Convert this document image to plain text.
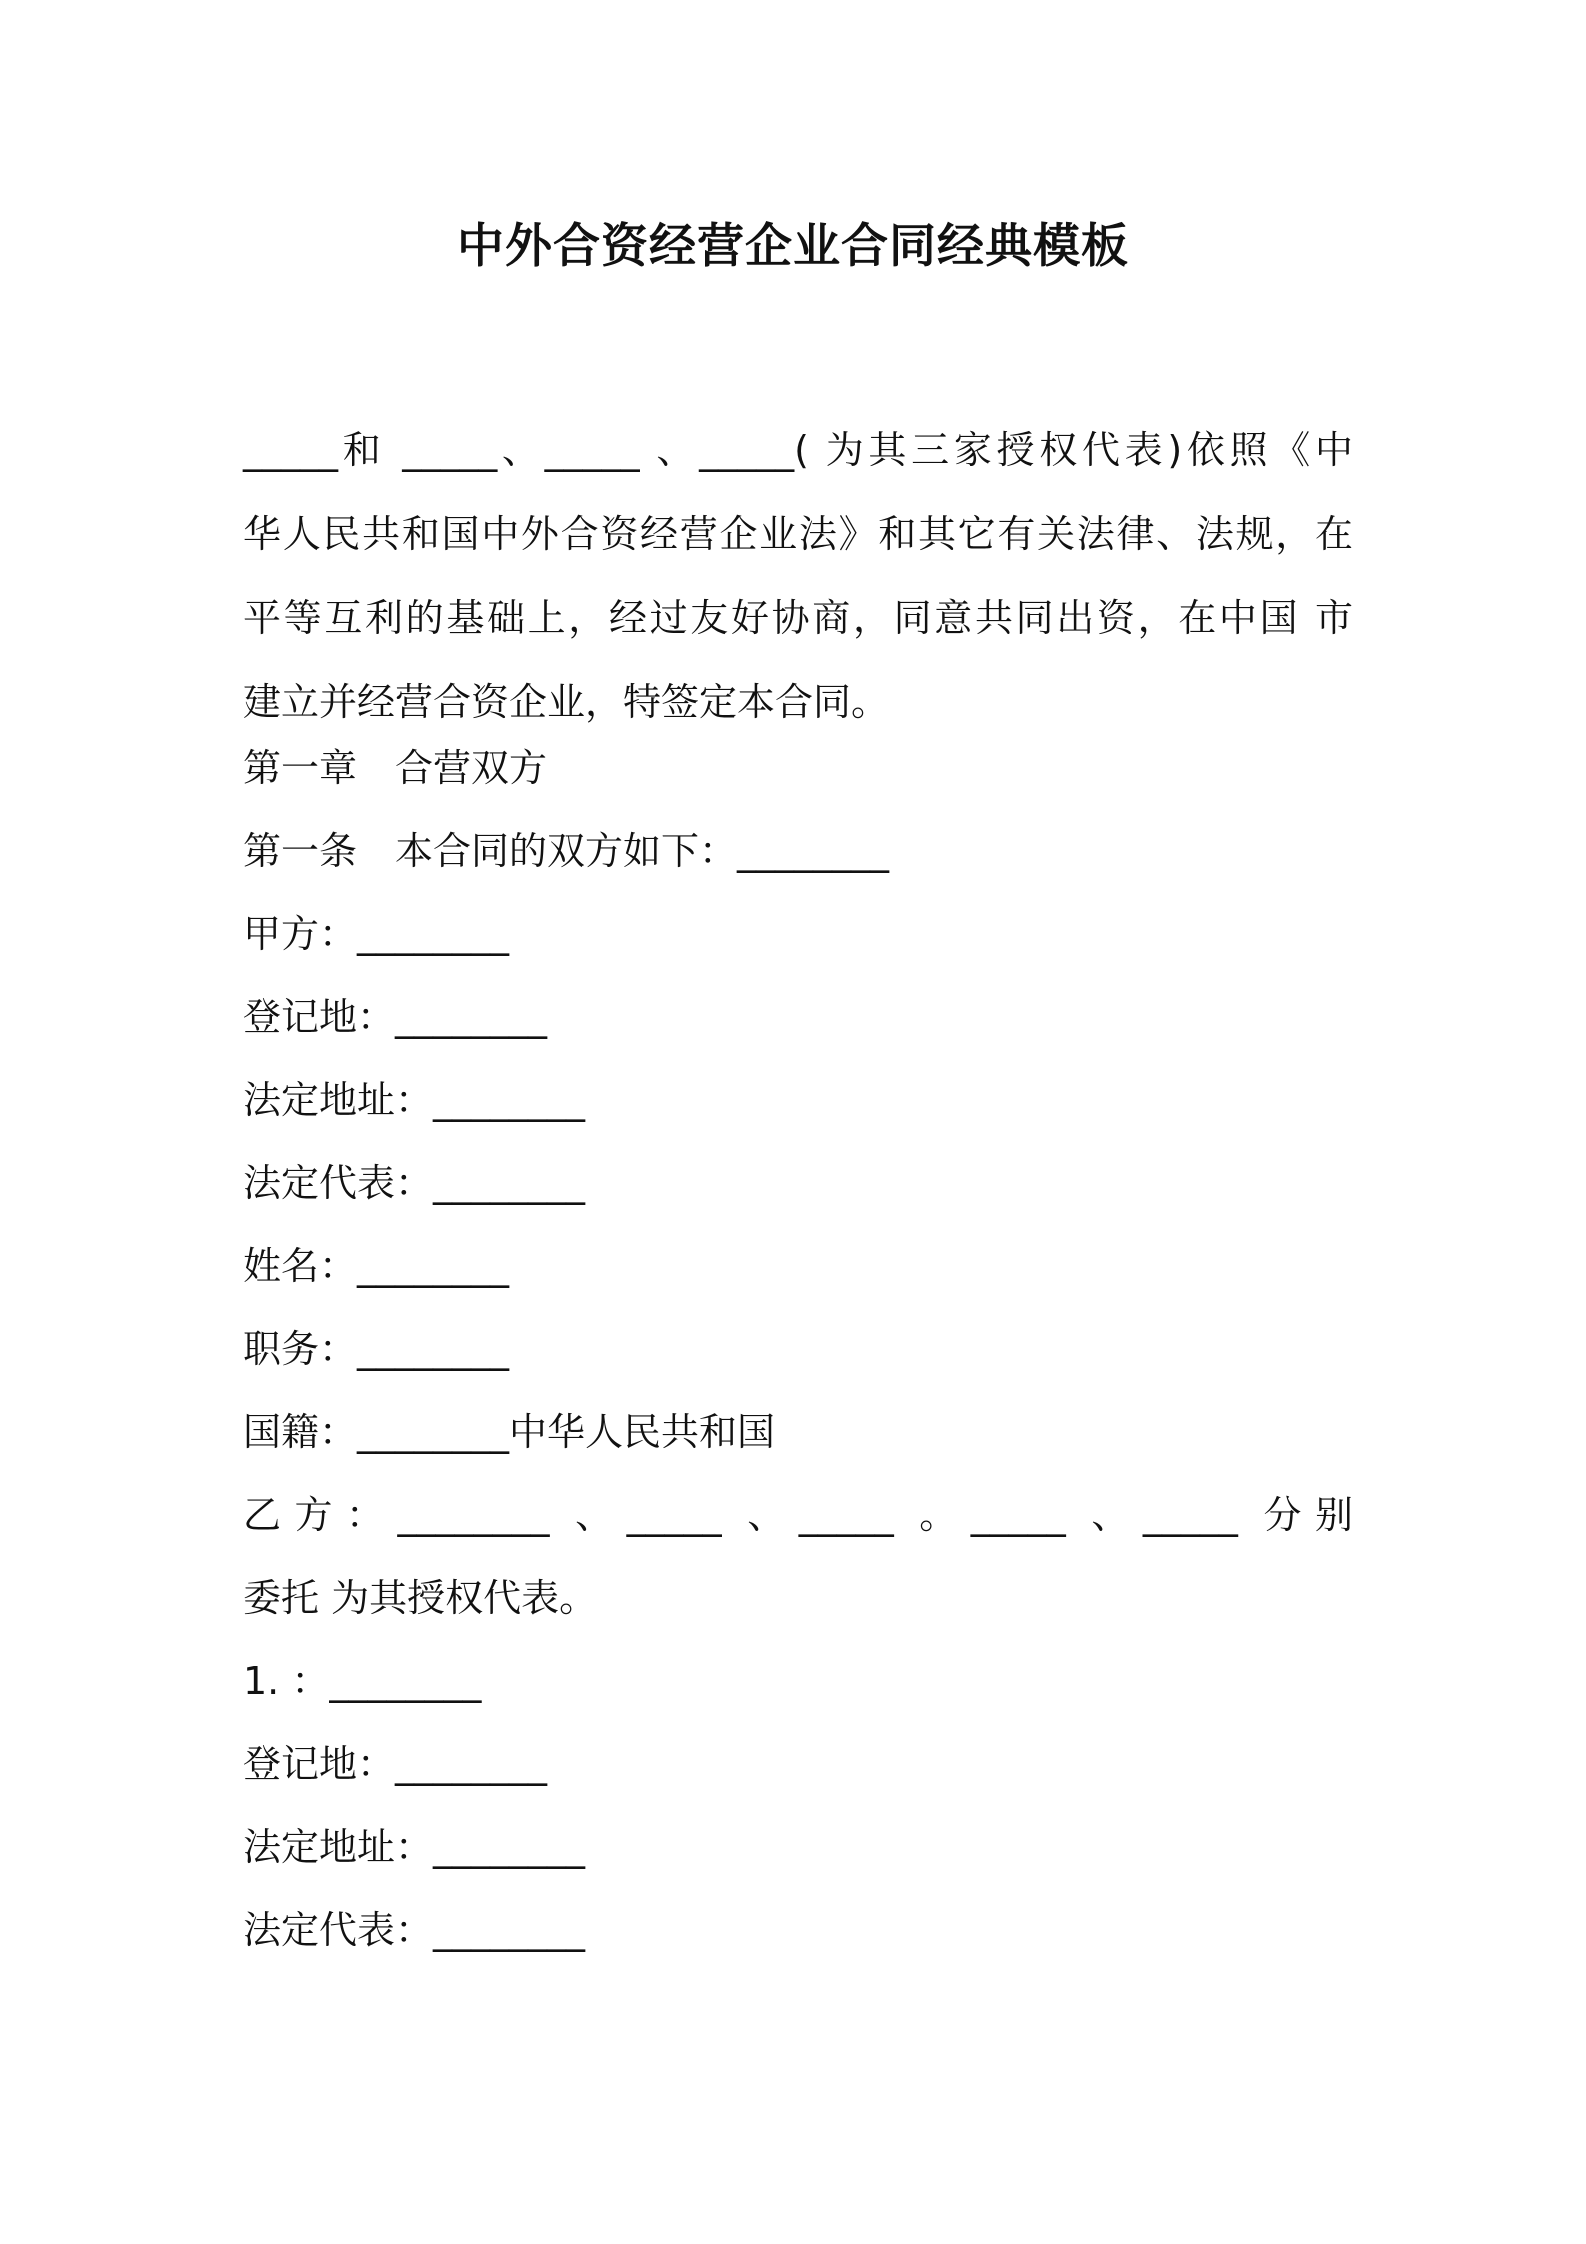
中外合资经营企业合同经典模板
_____和 _____、_____ 、_____( 为其三家授权代表)依照《中
华人民共和国中外合资经营企业法》和其它有关法律、法规，在
平等互利的基础上，经过友好协商，同意共同出资，在中国 市
建立并经营合资企业，特签定本合同。
第一章　合营双方
第一条　本合同的双方如下：________
甲方：________
登记地：________
法定地址：________
法定代表：________
姓名：________
职务：________
国籍：________中华人民共和国
乙方：________ 、_____ 、_____ 。_____ 、_____ 分别
委托 为其授权代表。
1. ：________
登记地：________
法定地址：________
法定代表：________
